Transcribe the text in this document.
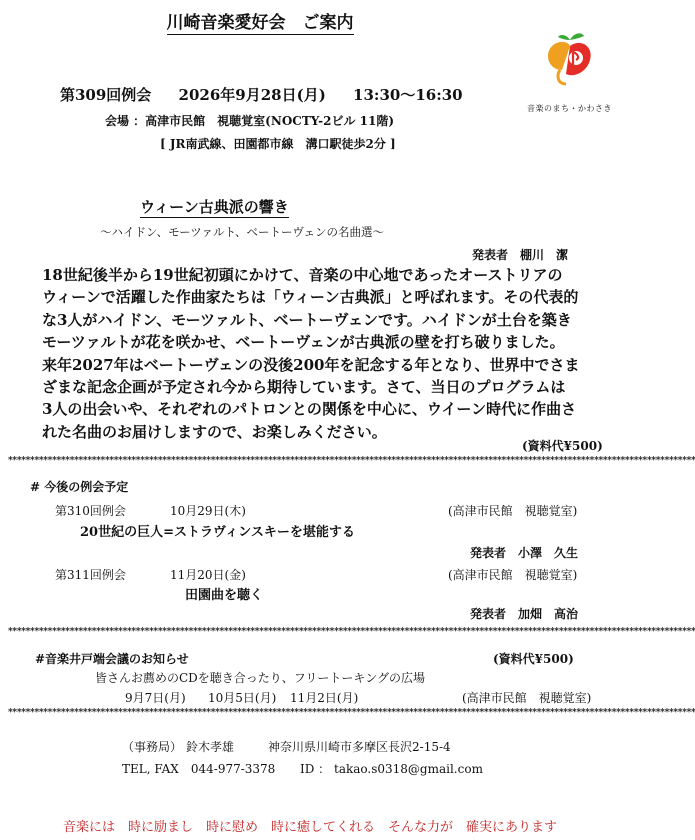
川崎音楽愛好会　ご案内
音楽のまち・かわさき
第309回例会 2026年9月28日(月) 13:30〜16:30
会場 ：高津市民館　視聴覚室(NOCTY-2ビル 11階)
[ JR南武線、田園都市線　溝口駅徒歩2分 ]
ウィーン古典派の響き
〜ハイドン、モーツァルト、ベートーヴェンの名曲選〜
発表者　棚川　潔

18世紀後半から19世紀初頭にかけて、音楽の中心地であったオーストリアの

ウィーンで活躍した作曲家たちは「ウィーン古典派」と呼ばれます。その代表的

な3人がハイドン、モーツァルト、ベートーヴェンです。ハイドンが土台を築き

モーツァルトが花を咲かせ、ベートーヴェンが古典派の壁を打ち破りました。

来年2027年はベートーヴェンの没後200年を記念する年となり、世界中でさま

ざまな記念企画が予定され今から期待しています。さて、当日のプログラムは

3人の出会いや、それぞれのパトロンとの関係を中心に、ウイーン時代に作曲さ

れた名曲のお届けしますので、お楽しみください。

(資料代¥500)
************************************************************************************************************************************************************
# 今後の例会予定
第310回例会	10月29日(木)	(高津市民館　視聴覚室)
20世紀の巨人=ストラヴィンスキーを堪能する
発表者　小澤　久生
第311回例会	11月20日(金)	(高津市民館　視聴覚室)
田園曲を聴く
発表者　加畑　高治
************************************************************************************************************************************************************
#音楽井戸端会議のお知らせ	(資料代¥500)
皆さんお薦めのCDを聴き合ったり、フリートーキングの広場
9月7日(月) 10月5日(月) 11月2日(月)	(高津市民館　視聴覚室)
************************************************************************************************************************************************************
（事務局） 鈴木孝雄	神奈川県川崎市多摩区長沢2-15-4
TEL, FAX　044-977-3378 ID ： takao.s0318@gmail.com
音楽には　時に励まし　時に慰め　時に癒してくれる　そんな力が　確実にあります
